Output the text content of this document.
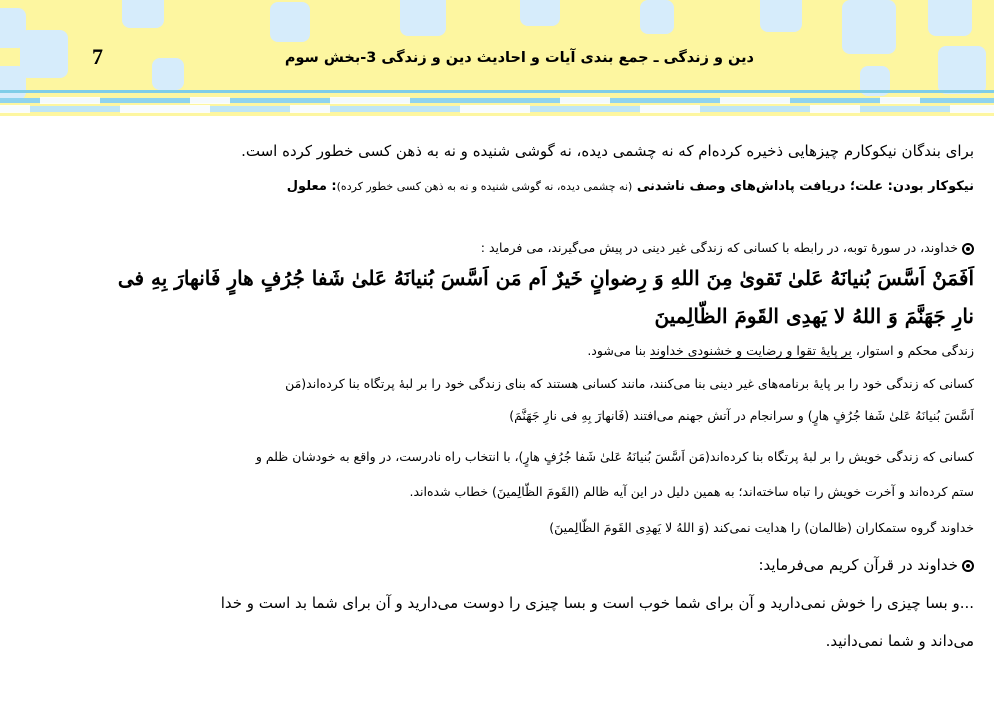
دین و زندگی ـ جمع بندی آیات و احادیث دین و زندگی 3-بخش سوم
7
برای بندگان نیکوکارم چیزهایی ذخیره کرده‌ام که نه چشمی دیده، نه گوشی شنیده و نه به ذهن کسی خطور کرده است.
نیکوکار بودن: علت؛ دریافت پاداش‌های وصف ناشدنی (نه چشمی دیده، نه گوشی شنیده و نه به ذهن کسی خطور کرده): معلول
خداوند، در سورهٔ توبه، در رابطه با کسانی که زندگی غیر دینی در پیش می‌گیرند، می فرماید :
اَفَمَنْ اَسَّسَ بُنیانَهُ عَلیٰ تَقویٰ مِنَ اللهِ وَ رِضوانٍ خَیرٌ اَم مَن اَسَّسَ بُنیانَهُ عَلیٰ شَفا جُرُفٍ هارٍ فَانهارَ بِهِ فی
نارِ جَهَنَّمَ وَ اللهُ لا یَهدِی القَومَ الظّالِمینَ
زندگی محکم و استوار، بر پایهٔ تقوا و رضایت و خشنودی خداوند بنا می‌شود.
کسانی که زندگی خود را بر پایهٔ برنامه‌های غیر دینی بنا می‌کنند، مانند کسانی هستند که بنای زندگی خود را بر لبهٔ پرتگاه بنا کرده‌اند(مَن
اَسَّسَ بُنیانَهُ عَلیٰ شَفا جُرُفٍ هارٍ) و سرانجام در آتش جهنم می‌افتند (فَانهارَ بِهِ فی نارِ جَهَنَّمَ)
کسانی که زندگی خویش را بر لبهٔ پرتگاه بنا کرده‌اند(مَن اَسَّسَ بُنیانَهُ عَلیٰ شَفا جُرُفٍ هارٍ)، با انتخاب راه نادرست، در واقع به خودشان ظلم و
ستم کرده‌اند و آخرت خویش را تباه ساخته‌اند؛ به همین دلیل در این آیه ظالم (القَومَ الظّالِمینَ) خطاب شده‌اند.
خداوند گروه ستمکاران (ظالمان) را هدایت نمی‌کند (وَ اللهُ لا یَهدِی القَومَ الظّالِمینَ)
خداوند در قرآن کریم می‌فرماید:
...و بسا چیزی را خوش نمی‌دارید و آن برای شما خوب است و بسا چیزی را دوست می‌دارید و آن برای شما بد است و خدا
می‌داند و شما نمی‌دانید.
